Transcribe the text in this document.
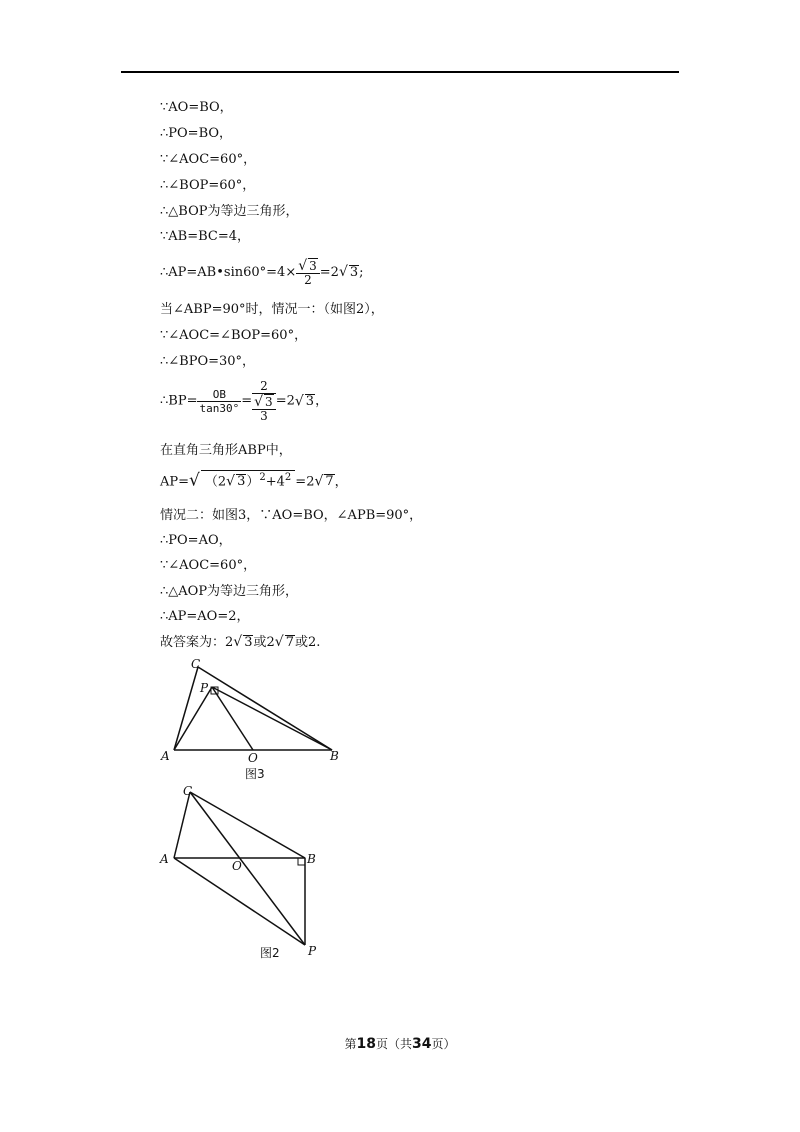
∵AO=BO，
∴PO=BO，
∵∠AOC=60°，
∴∠BOP=60°，
∴△BOP为等边三角形，
∵AB=BC=4，
∴AP=AB•sin60°=4× $\frac{√ 3}{2} =2√$ 3;
当∠ABP=90°时，情况一：（如图2），
∵∠AOC=∠BOP=60°，
∴∠BPO=30°，
∴BP= $\frac{OB}{\tan 30^\circ}$ =
2
√ 3
3
=2√ 3，
在直角三角形ABP中，
AP=√ （2√ $3)^2+4^2 =2√$ 7，
情况二：如图3，∵AO=BO，∠APB=90°，
∴PO=AO，
∵∠AOC=60°，
∴△AOP为等边三角形，
∴AP=AO=2，
故答案为：2√ 3或2√ 7或2.
C
P
A	O	B
图3
C
A	O	B
P
图2
第18页（共34页）
